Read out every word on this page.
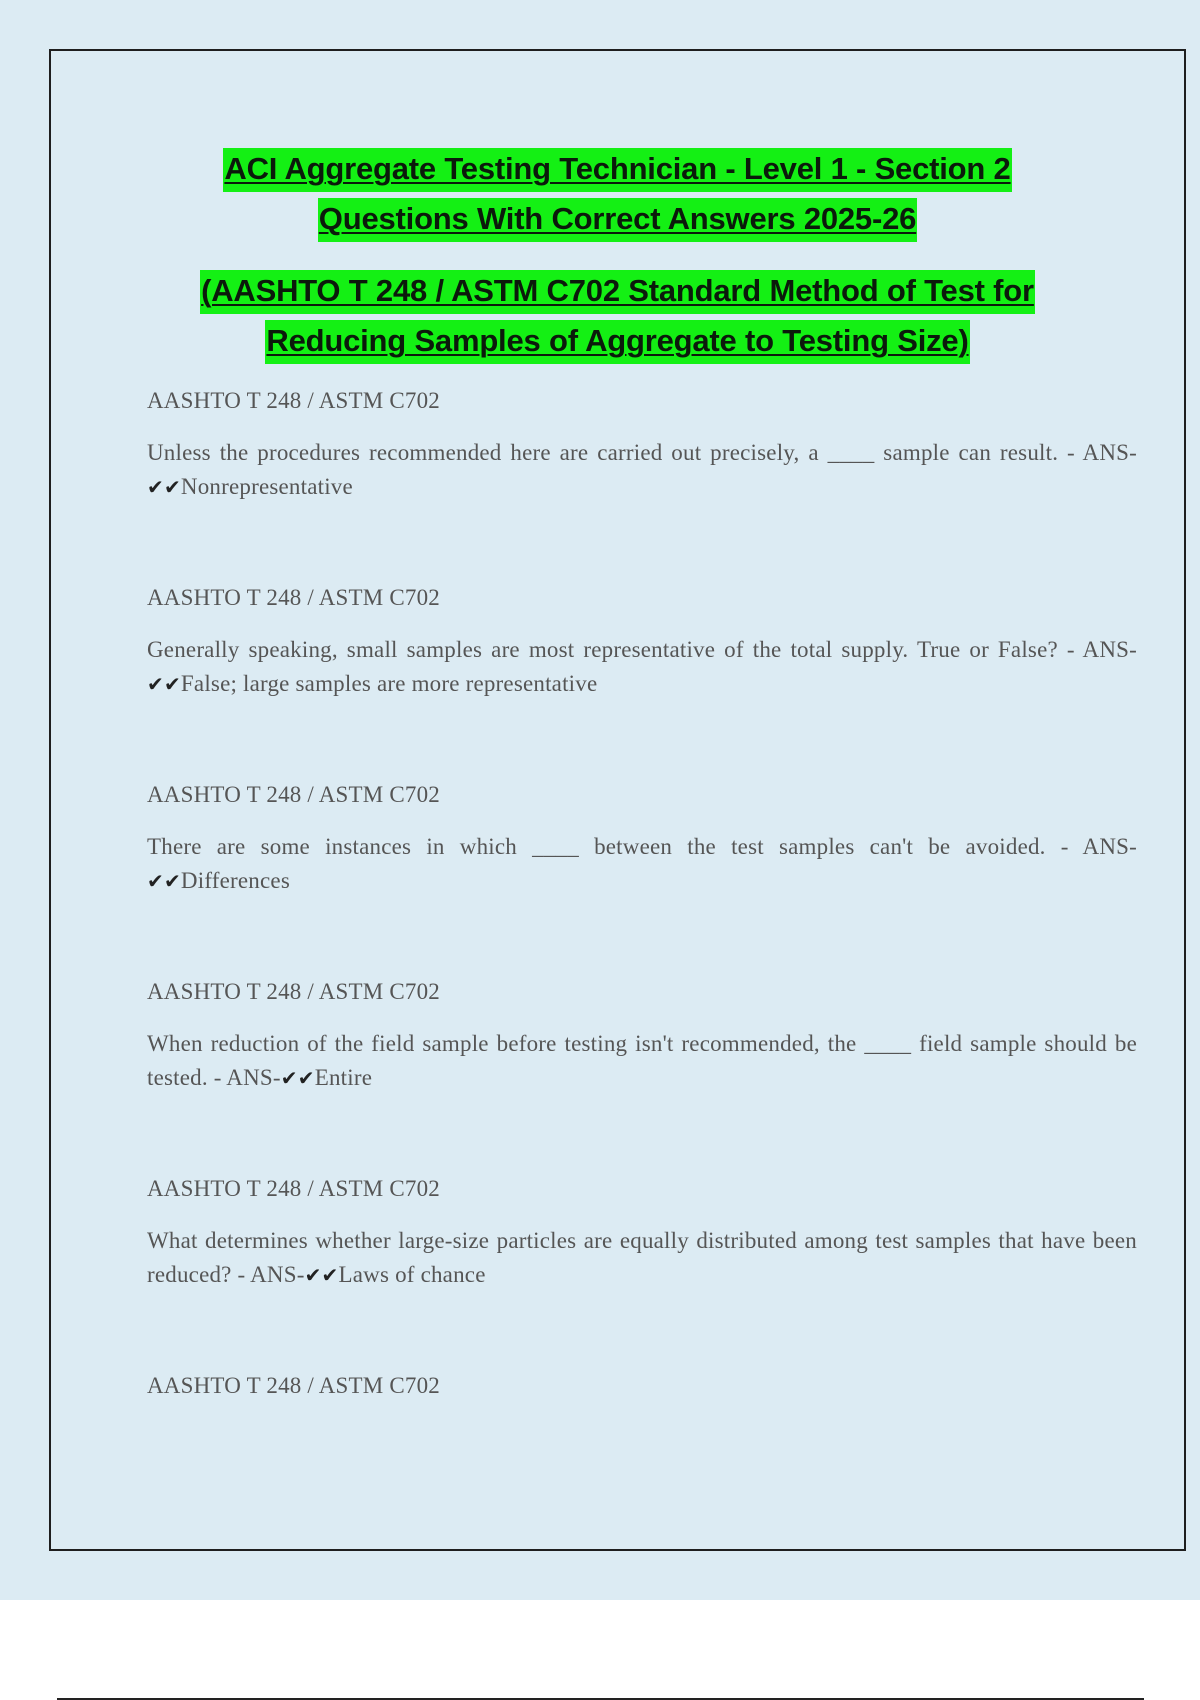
ACI Aggregate Testing Technician - Level 1 - Section 2
Questions With Correct Answers 2025-26
(AASHTO T 248 / ASTM C702 Standard Method of Test for
Reducing Samples of Aggregate to Testing Size)

AASHTO T 248 / ASTM C702

Unless the procedures recommended here are carried out precisely, a ____ sample can result. - ANS-✔✔Nonrepresentative

AASHTO T 248 / ASTM C702

Generally speaking, small samples are most representative of the total supply. True or False? - ANS-✔✔False; large samples are more representative

AASHTO T 248 / ASTM C702

There are some instances in which ____ between the test samples can't be avoided. - ANS-✔✔Differences

AASHTO T 248 / ASTM C702

When reduction of the field sample before testing isn't recommended, the ____ field sample should be tested. - ANS-✔✔Entire

AASHTO T 248 / ASTM C702

What determines whether large-size particles are equally distributed among test samples that have been reduced? - ANS-✔✔Laws of chance

AASHTO T 248 / ASTM C702
